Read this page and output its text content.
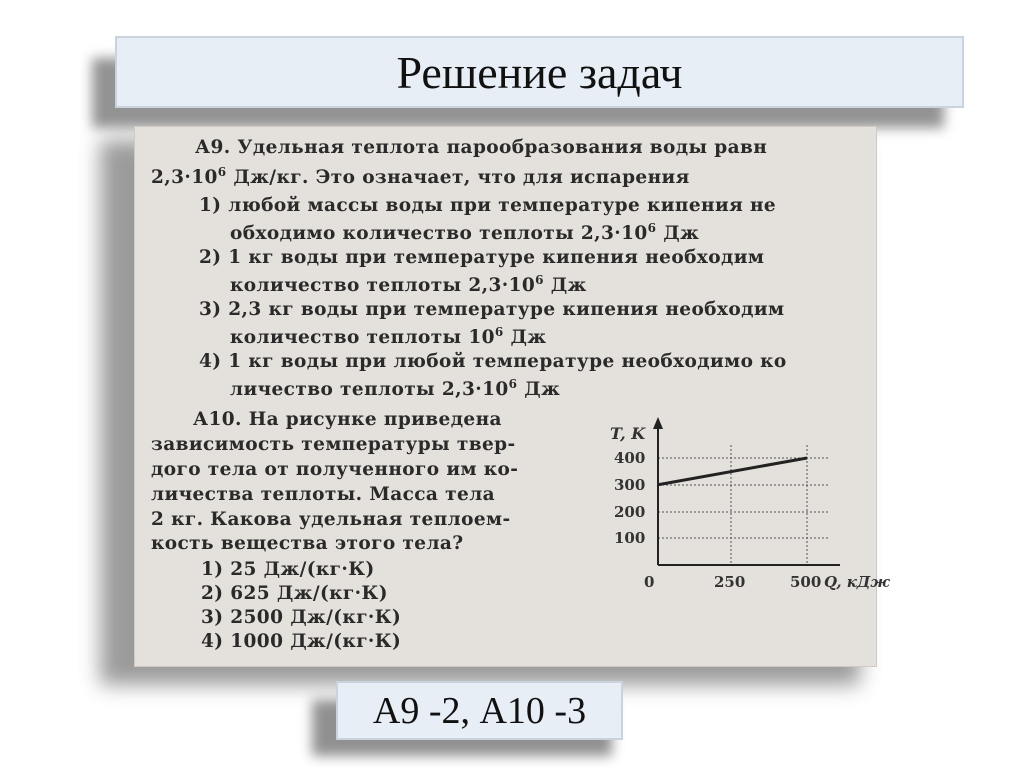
Решение задач
А9. Удельная теплота парообразования воды равн
$2,3\cdot 10^6$ Дж/кг. Это означает, что для испарения
1) любой массы воды при температуре кипения не
обходимо количество теплоты $2,3\cdot 10^6$ Дж
2) 1 кг воды при температуре кипения необходим
количество теплоты $2,3\cdot 10^6$ Дж
3) 2,3 кг воды при температуре кипения необходим
количество теплоты $10^6$ Дж
4) 1 кг воды при любой температуре необходимо ко
личество теплоты $2,3\cdot 10^6$ Дж
А10. На рисунке приведена
зависимость температуры твер-
дого тела от полученного им ко-
личества теплоты. Масса тела
2 кг. Какова удельная теплоем-
кость вещества этого тела?
1) 25 Дж/(кг·К)
2) 625 Дж/(кг·К)
3) 2500 Дж/(кг·К)
4) 1000 Дж/(кг·К)
T, K
400
300
200
100
0	250	500 Q, кДж
А9 -2, А10 -3
